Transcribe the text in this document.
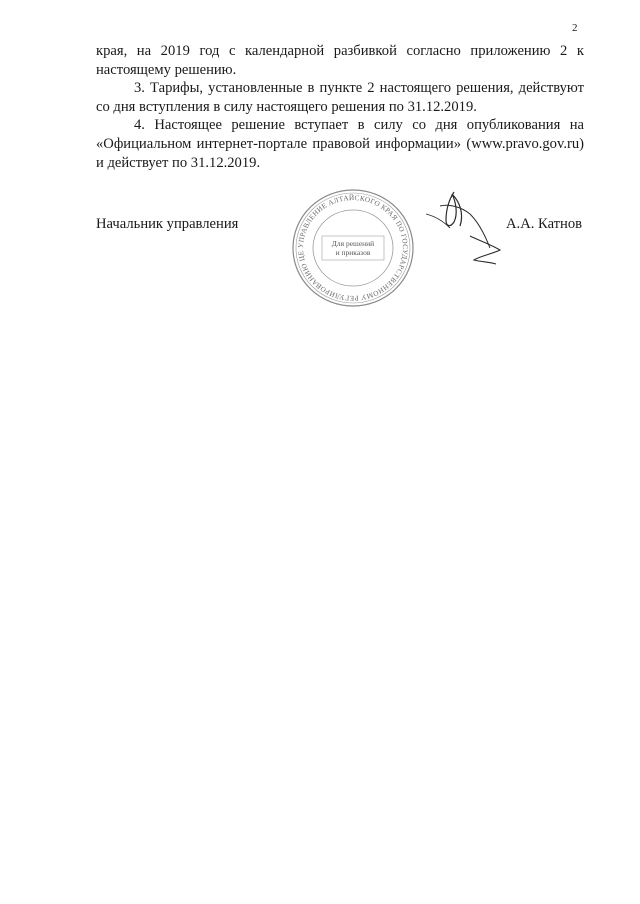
2

края, на 2019 год с календарной разбивкой согласно приложению 2 к настоящему решению.

3. Тарифы, установленные в пункте 2 настоящего решения, действуют со дня вступления в силу настоящего решения по 31.12.2019.

4. Настоящее решение вступает в силу со дня опубликования на «Официальном интернет-портале правовой информации» (www.pravo.gov.ru) и действует по 31.12.2019.

Начальник управления
УПРАВЛЕНИЕ АЛТАЙСКОГО КРАЯ ПО ГОСУДАРСТВЕННОМУ РЕГУЛИРОВАНИЮ ЦЕ
Для решений
и приказов
А.А. Катнов
